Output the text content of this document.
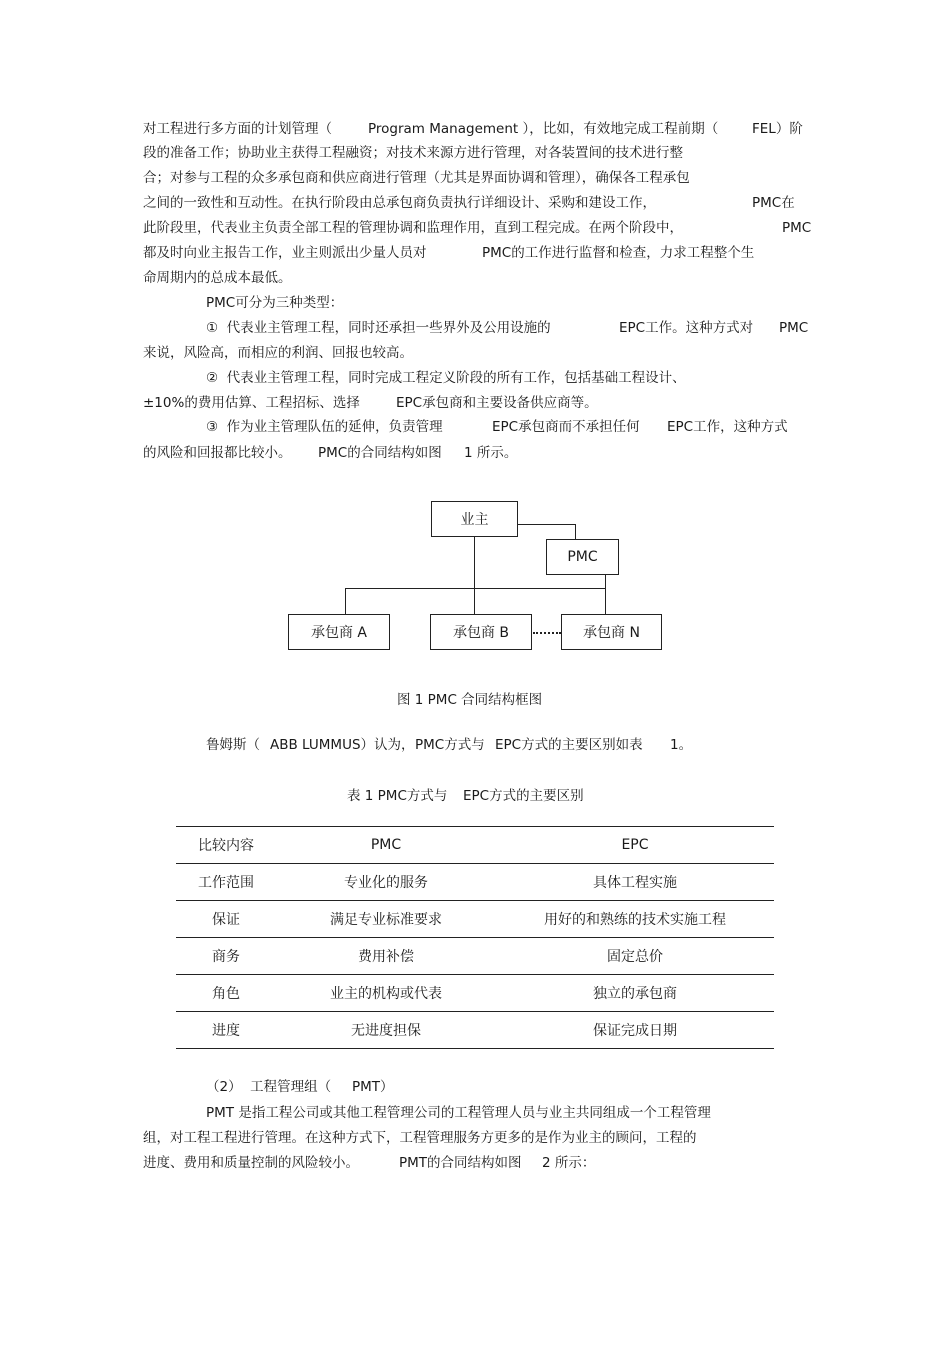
对工程进行多方面的计划管理（	Program Management ），比如，有效地完成工程前期（	FEL）阶
段的准备工作；协助业主获得工程融资；对技术来源方进行管理，对各装置间的技术进行整
合；对参与工程的众多承包商和供应商进行管理（尤其是界面协调和管理），确保各工程承包
之间的一致性和互动性。在执行阶段由总承包商负责执行详细设计、采购和建设工作，	PMC在
此阶段里，代表业主负责全部工程的管理协调和监理作用，直到工程完成。在两个阶段中，	PMC
都及时向业主报告工作，业主则派出少量人员对	PMC的工作进行监督和检查，力求工程整个生
命周期内的总成本最低。
PMC可分为三种类型：
①  代表业主管理工程，同时还承担一些界外及公用设施的	EPC工作。这种方式对 PMC
来说，风险高，而相应的利润、回报也较高。
②  代表业主管理工程，同时完成工程定义阶段的所有工作，包括基础工程设计、
±10%的费用估算、工程招标、选择	EPC承包商和主要设备供应商等。
③  作为业主管理队伍的延伸，负责管理	EPC承包商而不承担任何 EPC工作，这种方式
的风险和回报都比较小。 PMC的合同结构如图 1 所示。
业主
PMC
承包商 A	承包商 B	承包商 N
图 1 PMC 合同结构框图
鲁姆斯（ ABB LUMMUS）认为， PMC方式与 EPC方式的主要区别如表 1。
表 1 PMC方式与 EPC方式的主要区别
比较内容	PMC	EPC
工作范围	专业化的服务	具体工程实施
保证	满足专业标准要求	用好的和熟练的技术实施工程
商务	费用补偿	固定总价
角色	业主的机构或代表	独立的承包商
进度	无进度担保	保证完成日期
（2）  工程管理组（ PMT）
PMT 是指工程公司或其他工程管理公司的工程管理人员与业主共同组成一个工程管理
组，对工程工程进行管理。在这种方式下，工程管理服务方更多的是作为业主的顾问，工程的
进度、费用和质量控制的风险较小。	PMT的合同结构如图 2 所示：
